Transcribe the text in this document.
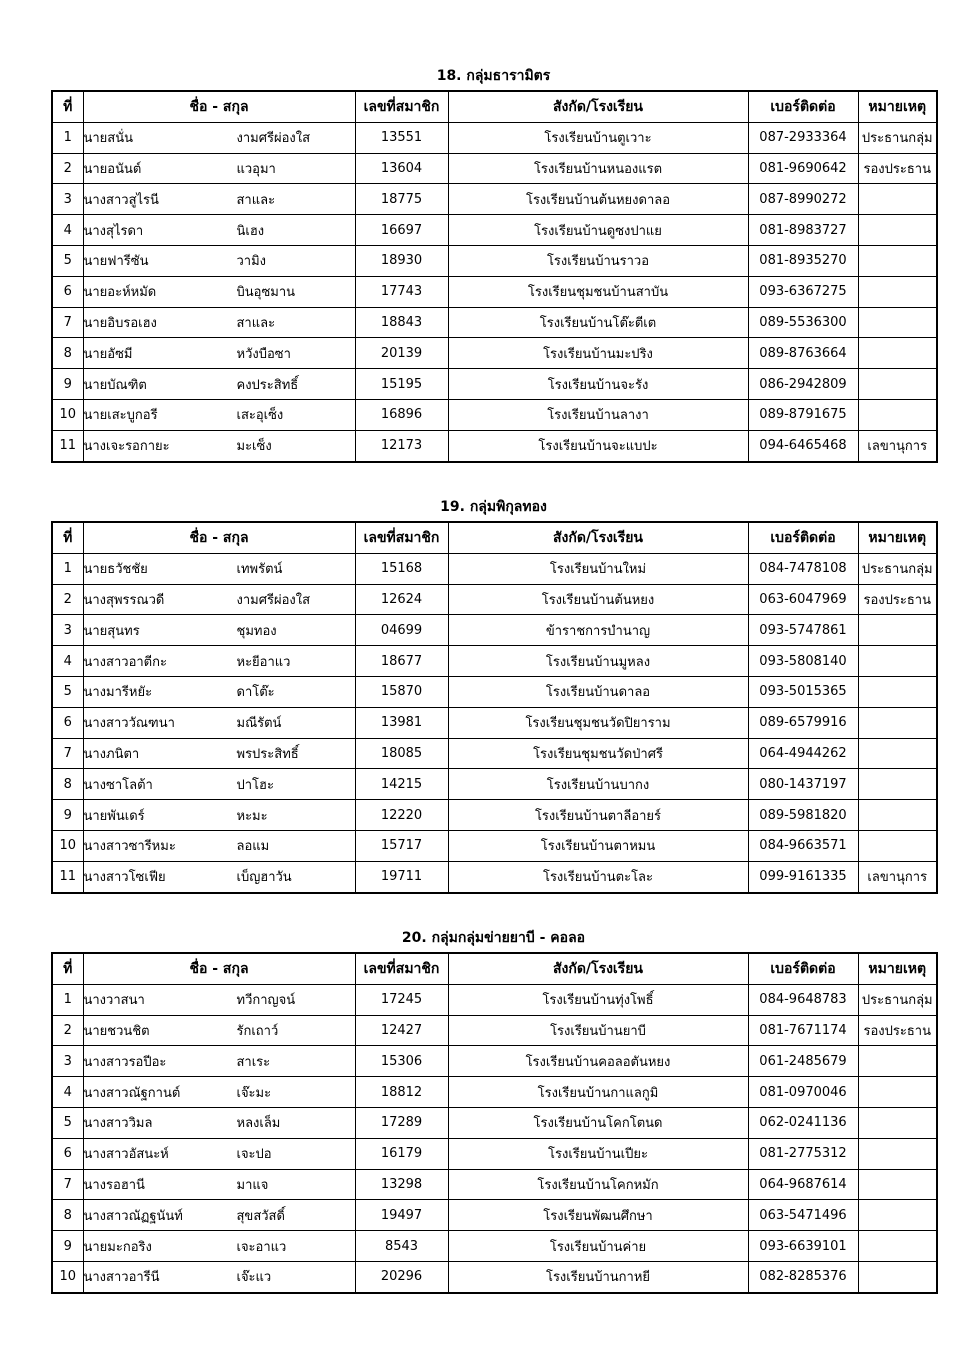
18. กลุ่มธารามิตร
ที่	ชื่อ - สกุล	เลขที่สมาชิก	สังกัด/โรงเรียน	เบอร์ติดต่อ	หมายเหตุ
1	นายสนั่น งามศรีผ่องใส	13551	โรงเรียนบ้านตูเวาะ	087-2933364	ประธานกลุ่ม
2	นายอนันต์ แวอุมา	13604	โรงเรียนบ้านหนองแรต	081-9690642	รองประธาน
3	นางสาวสูไรนี สาและ	18775	โรงเรียนบ้านต้นหยงดาลอ	087-8990272	
4	นางสุไรดา นิเฮง	16697	โรงเรียนบ้านดูซงปาแย	081-8983727	
5	นายฟารีซัน วามิง	18930	โรงเรียนบ้านราวอ	081-8935270	
6	นายอะห์หมัด บินอุซมาน	17743	โรงเรียนชุมชนบ้านสาบัน	093-6367275	
7	นายอิบรอเฮง สาและ	18843	โรงเรียนบ้านโต๊ะตีเต	089-5536300	
8	นายอัซมี หวังบือซา	20139	โรงเรียนบ้านมะปริง	089-8763664	
9	นายบัณฑิต คงประสิทธิ์	15195	โรงเรียนบ้านจะรัง	086-2942809	
10	นายเสะบูกอรี เสะอุเซ็ง	16896	โรงเรียนบ้านลางา	089-8791675	
11	นางเจะรอกายะ มะเซ็ง	12173	โรงเรียนบ้านจะแบปะ	094-6465468	เลขานุการ
19. กลุ่มพิกุลทอง
ที่	ชื่อ - สกุล	เลขที่สมาชิก	สังกัด/โรงเรียน	เบอร์ติดต่อ	หมายเหตุ
1	นายธวัชชัย เทพรัตน์	15168	โรงเรียนบ้านใหม่	084-7478108	ประธานกลุ่ม
2	นางสุพรรณวดี งามศรีผ่องใส	12624	โรงเรียนบ้านต้นหยง	063-6047969	รองประธาน
3	นายสุนทร ชุมทอง	04699	ข้าราชการบำนาญ	093-5747861	
4	นางสาวอาตีกะ หะยีอาแว	18677	โรงเรียนบ้านมูหลง	093-5808140	
5	นางมารีหยัะ ดาโต๊ะ	15870	โรงเรียนบ้านดาลอ	093-5015365	
6	นางสาววัณฑนา มณีรัตน์	13981	โรงเรียนชุมชนวัดปิยาราม	089-6579916	
7	นางภนิตา พรประสิทธิ์	18085	โรงเรียนชุมชนวัดป่าศรี	064-4944262	
8	นางซาโลต้า ปาโฮะ	14215	โรงเรียนบ้านบากง	080-1437197	
9	นายพันเดร์ หะมะ	12220	โรงเรียนบ้านตาลีอายร์	089-5981820	
10	นางสาวซารีหมะ ลอแม	15717	โรงเรียนบ้านตาหมน	084-9663571	
11	นางสาวโซเฟีย เบ็ญฮาวัน	19711	โรงเรียนบ้านตะโละ	099-9161335	เลขานุการ
20. กลุ่มกลุ่มข่ายยาบี - คอลอ
ที่	ชื่อ - สกุล	เลขที่สมาชิก	สังกัด/โรงเรียน	เบอร์ติดต่อ	หมายเหตุ
1	นางวาสนา ทวีกาญจน์	17245	โรงเรียนบ้านทุ่งโพธิ์	084-9648783	ประธานกลุ่ม
2	นายชวนชิต รักเถาว์	12427	โรงเรียนบ้านยาบี	081-7671174	รองประธาน
3	นางสาวรอปีอะ สาเระ	15306	โรงเรียนบ้านคอลอตันหยง	061-2485679	
4	นางสาวณัฐกานต์ เจ๊ะมะ	18812	โรงเรียนบ้านกาแลกูมิ	081-0970046	
5	นางสาววิมล หลงเล็ม	17289	โรงเรียนบ้านโคกโตนด	062-0241136	
6	นางสาวอัสนะห์ เจะปอ	16179	โรงเรียนบ้านเปียะ	081-2775312	
7	นางรอฮานี มาแจ	13298	โรงเรียนบ้านโคกหมัก	064-9687614	
8	นางสาวณัฏฐนันท์ สุขสวัสดิ์	19497	โรงเรียนพัฒนศึกษา	063-5471496	
9	นายมะกอริง เจะอาแว	8543	โรงเรียนบ้านค่าย	093-6639101	
10	นางสาวอารีนี เจ๊ะแว	20296	โรงเรียนบ้านกาหยี	082-8285376	
